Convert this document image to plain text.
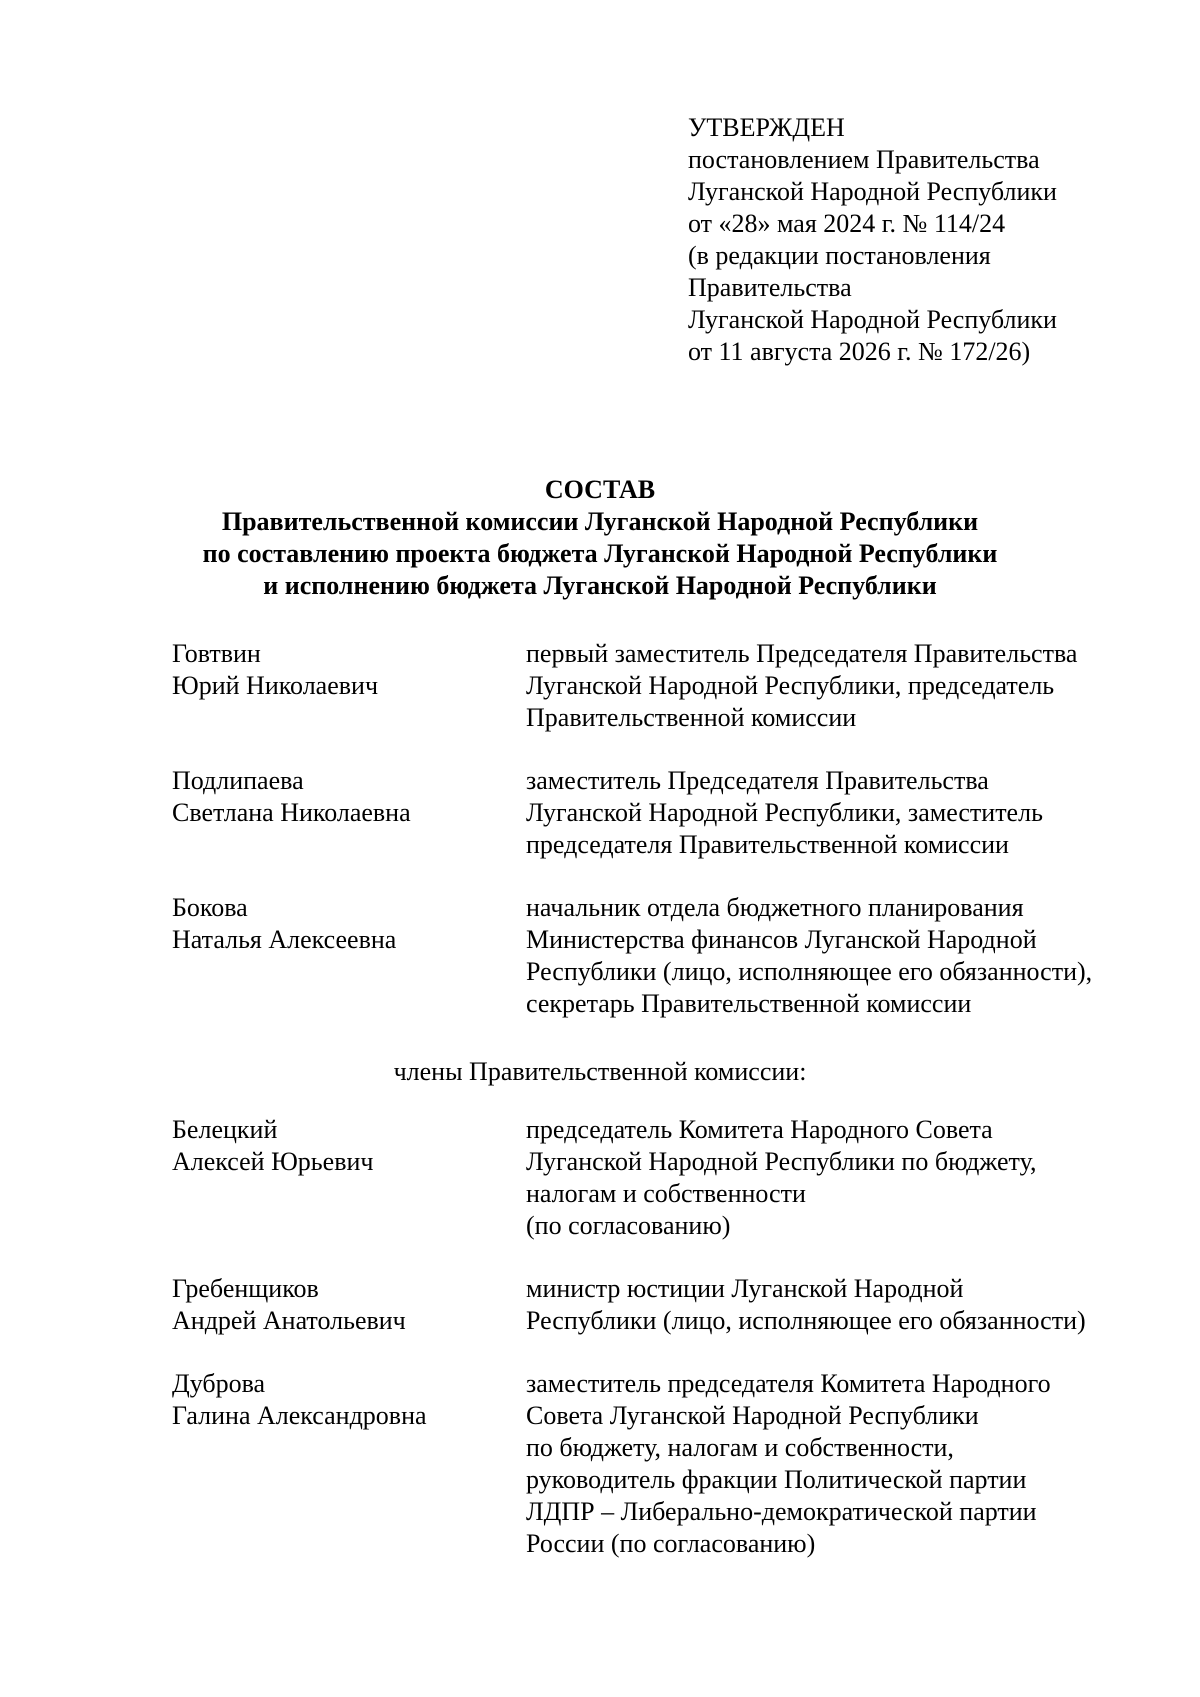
УТВЕРЖДЕН
постановлением Правительства
Луганской Народной Республики
от «28» мая 2024 г. № 114/24
(в редакции постановления
Правительства
Луганской Народной Республики
от 11 августа 2026 г. № 172/26)
СОСТАВ
Правительственной комиссии Луганской Народной Республики
по составлению проекта бюджета Луганской Народной Республики
и исполнению бюджета Луганской Народной Республики
Говтвин
Юрий Николаевич
первый заместитель Председателя Правительства
Луганской Народной Республики, председатель
Правительственной комиссии
Подлипаева
Светлана Николаевна
заместитель Председателя Правительства
Луганской Народной Республики, заместитель
председателя Правительственной комиссии
Бокова
Наталья Алексеевна
начальник отдела бюджетного планирования
Министерства финансов Луганской Народной
Республики (лицо, исполняющее его обязанности),
секретарь Правительственной комиссии
члены Правительственной комиссии:
Белецкий
Алексей Юрьевич
председатель Комитета Народного Совета
Луганской Народной Республики по бюджету,
налогам и собственности
(по согласованию)
Гребенщиков
Андрей Анатольевич
министр юстиции Луганской Народной
Республики (лицо, исполняющее его обязанности)
Дуброва
Галина Александровна
заместитель председателя Комитета Народного
Совета Луганской Народной Республики
по бюджету, налогам и собственности,
руководитель фракции Политической партии
ЛДПР – Либерально-демократической партии
России (по согласованию)
